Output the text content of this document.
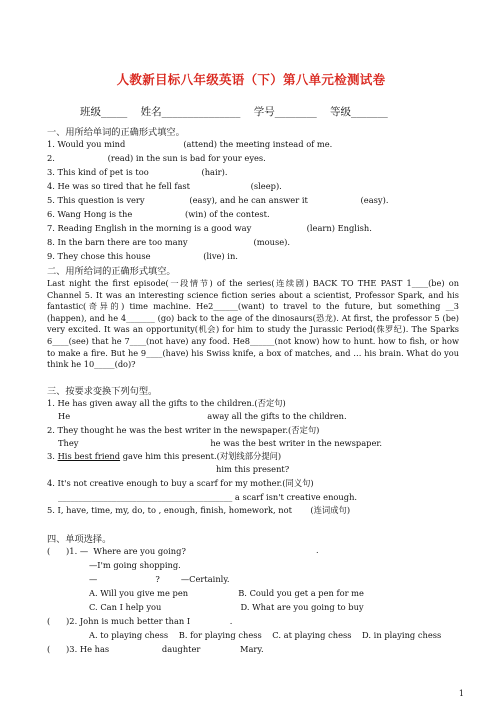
人教新目标八年级英语（下）第八单元检测试卷
班级_____    姓名_______________    学号________    等级_______
一、用所给单词的正确形式填空。
1. Would you mind                      (attend) the meeting instead of me.
2.                    (read) in the sun is bad for your eyes.
3. This kind of pet is too                    (hair).
4. He was so tired that he fell fast                       (sleep).
5. This question is very                 (easy), and he can answer it                    (easy).
6. Wang Hong is the                    (win) of the contest.
7. Reading English in the morning is a good way                     (learn) English.
8. In the barn there are too many                         (mouse).
9. They chose this house                    (live) in.
二、用所给词的正确形式填空。
Last night the first episode(一段情节) of the series(连续剧) BACK TO THE PAST 1____(be) on Channel 5. It was an interesting science fiction series about a scientist, Professor Spark, and his fantastic(奇异的) time machine. He2______(want) to travel to the future, but something __3 (happen), and he 4_______ (go) back to the age of the dinosaurs(恐龙). At first, the professor 5 (be) very excited. It was an opportunity(机会) for him to study the Jurassic Period(侏罗纪). The Sparks 6____(see) that he 7____(not have) any food. He8______(not know) how to hunt. how to fish, or how to make a fire. But he 9____(have) his Swiss knife, a box of matches, and … his brain. What do you think he 10_____(do)?
三、按要求变换下列句型。
1. He has given away all the gifts to the children.(否定句)
He                                                    away all the gifts to the children.
2. They thought he was the best writer in the newspaper.(否定句)
They                                                  he was the best writer in the newspaper.
3. His best friend gave him this present.(对划线部分提问)
him this present?
4. It's not creative enough to buy a scarf for my mother.(同义句)
__________________________________________ a scarf isn't creative enough.
5. I, have, time, my, do, to , enough, finish, homework, not       (连词成句)
.
四、单项选择。
(      )1. —  Where are you going?
—I'm going shopping.
—                      ?        —Certainly.
A. Will you give me pen                   B. Could you get a pen for me
C. Can I help you                              D. What are you going to buy
(      )2. John is much better than I               .
A. to playing chess    B. for playing chess    C. at playing chess    D. in playing chess
(      )3. He has                    daughter               Mary.
1
